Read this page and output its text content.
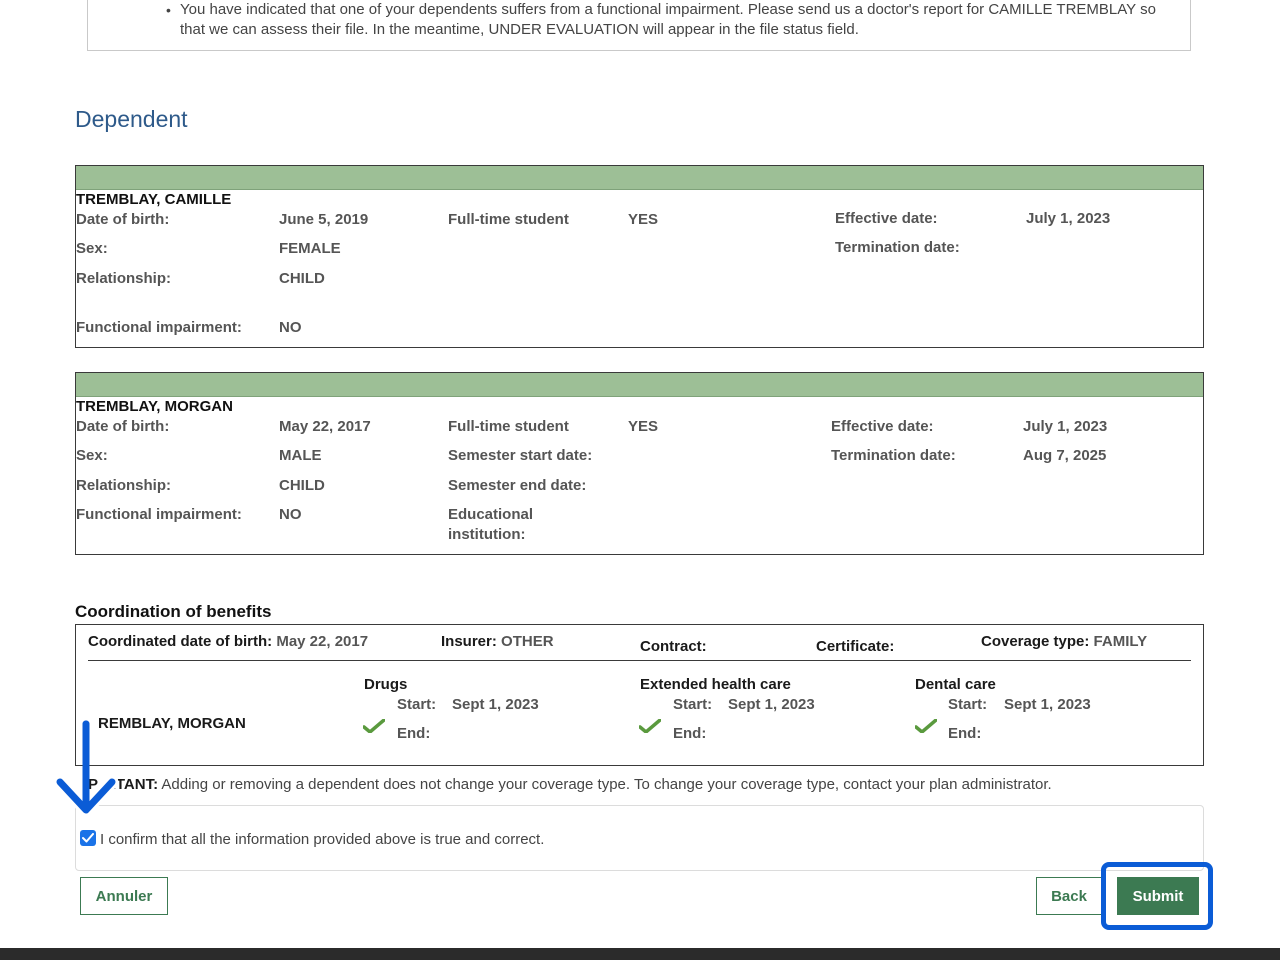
• You have indicated that one of your dependents suffers from a functional impairment. Please send us a doctor's report for CAMILLE TREMBLAY so that we can assess their file. In the meantime, UNDER EVALUATION will appear in the file status field.
Dependent
TREMBLAY, CAMILLE
Date of birth:	June 5, 2019	Full-time student	YES	Effective date:	July 1, 2023
Sex:	FEMALE	Termination date:
Relationship:	CHILD
Functional impairment: NO
TREMBLAY, MORGAN
Date of birth:	May 22, 2017	Full-time student	YES	Effective date:	July 1, 2023
Sex:	MALE	Semester start date:	Termination date:	Aug 7, 2025
Relationship:	CHILD	Semester end date:
Functional impairment: NO	Educational
institution:
Coordination of benefits
Coordinated date of birth: May 22, 2017	Insurer: OTHER	Contract:	Certificate:	Coverage type: FAMILY
REMBLAY, MORGAN
Drugs
Start: Sept 1, 2023
End:
Extended health care
Start: Sept 1, 2023
End:
Dental care
Start: Sept 1, 2023
End:
P RTANT: Adding or removing a dependent does not change your coverage type. To change your coverage type, contact your plan administrator.
I confirm that all the information provided above is true and correct.
Annuler	Back	Submit
